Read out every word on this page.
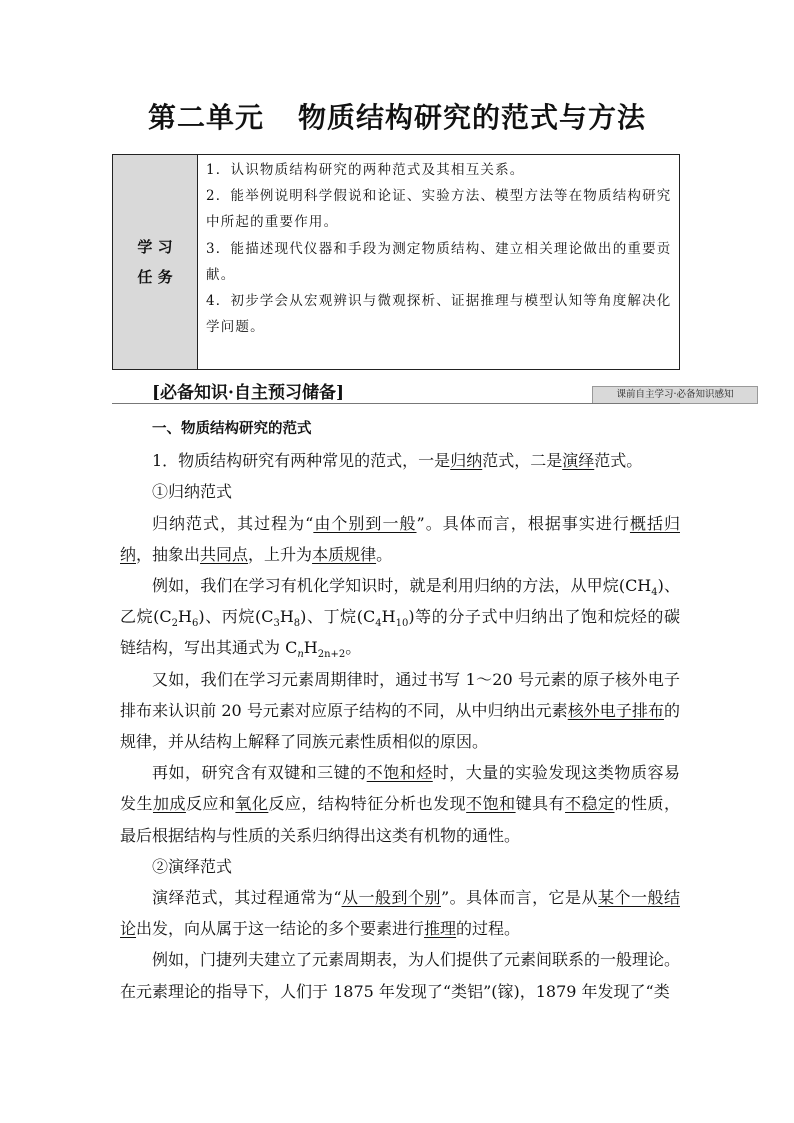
第二单元 物质结构研究的范式与方法
学 习
任 务

1．认识物质结构研究的两种范式及其相互关系。

2．能举例说明科学假说和论证、实验方法、模型方法等在物质结构研究中所起的重要作用。

3．能描述现代仪器和手段为测定物质结构、建立相关理论做出的重要贡献。

4．初步学会从宏观辨识与微观探析、证据推理与模型认知等角度解决化学问题。

[必备知识·自主预习储备]	课前自主学习·必备知识感知

一、物质结构研究的范式

1．物质结构研究有两种常见的范式，一是归纳范式，二是演绎范式。

①归纳范式

归纳范式，其过程为“由个别到一般”。具体而言，根据事实进行概括归纳，抽象出共同点，上升为本质规律。

例如，我们在学习有机化学知识时，就是利用归纳的方法，从甲烷$(CH_4)$、乙烷$(C_2H_6)$、丙烷$(C_3H_8)$、丁烷$(C_4H_{10})$等的分子式中归纳出了饱和烷烃的碳链结构，写出其通式为 $C_nH_{2n+2}$。

又如，我们在学习元素周期律时，通过书写 1～20 号元素的原子核外电子排布来认识前 20 号元素对应原子结构的不同，从中归纳出元素核外电子排布的规律，并从结构上解释了同族元素性质相似的原因。

再如，研究含有双键和三键的不饱和烃时，大量的实验发现这类物质容易发生加成反应和氧化反应，结构特征分析也发现不饱和键具有不稳定的性质，最后根据结构与性质的关系归纳得出这类有机物的通性。

②演绎范式

演绎范式，其过程通常为“从一般到个别”。具体而言，它是从某个一般结论出发，向从属于这一结论的多个要素进行推理的过程。

例如，门捷列夫建立了元素周期表，为人们提供了元素间联系的一般理论。在元素理论的指导下，人们于 1875 年发现了“类铝”(镓)，1879 年发现了“类
